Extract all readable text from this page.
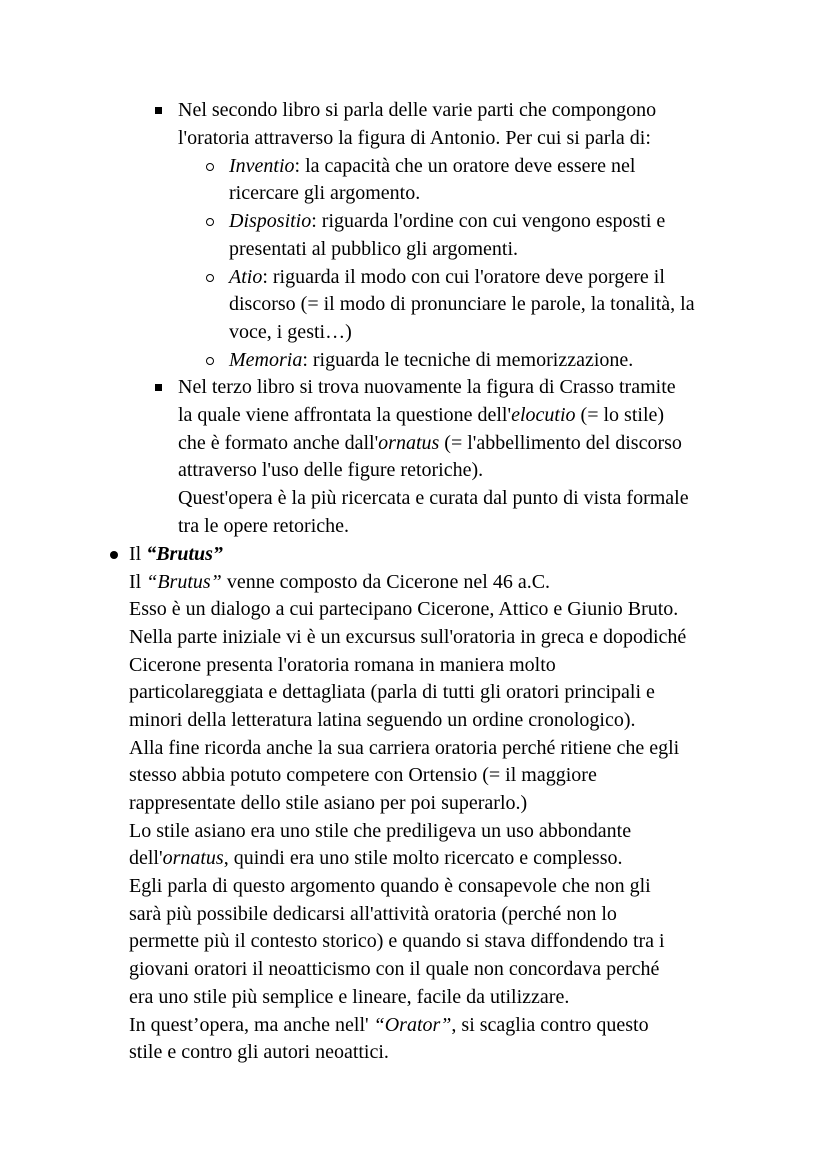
Nel secondo libro si parla delle varie parti che compongono
l'oratoria attraverso la figura di Antonio. Per cui si parla di:
Inventio: la capacità che un oratore deve essere nel
ricercare gli argomento.
Dispositio: riguarda l'ordine con cui vengono esposti e
presentati al pubblico gli argomenti.
Atio: riguarda il modo con cui l'oratore deve porgere il
discorso (= il modo di pronunciare le parole, la tonalità, la
voce, i gesti…)
Memoria: riguarda le tecniche di memorizzazione.
Nel terzo libro si trova nuovamente la figura di Crasso tramite
la quale viene affrontata la questione dell'elocutio (= lo stile)
che è formato anche dall'ornatus (= l'abbellimento del discorso
attraverso l'uso delle figure retoriche).
Quest'opera è la più ricercata e curata dal punto di vista formale
tra le opere retoriche.
Il “Brutus”
Il “Brutus” venne composto da Cicerone nel 46 a.C.
Esso è un dialogo a cui partecipano Cicerone, Attico e Giunio Bruto.
Nella parte iniziale vi è un excursus sull'oratoria in greca e dopodiché
Cicerone presenta l'oratoria romana in maniera molto
particolareggiata e dettagliata (parla di tutti gli oratori principali e
minori della letteratura latina seguendo un ordine cronologico).
Alla fine ricorda anche la sua carriera oratoria perché ritiene che egli
stesso abbia potuto competere con Ortensio (= il maggiore
rappresentate dello stile asiano per poi superarlo.)
Lo stile asiano era uno stile che prediligeva un uso abbondante
dell'ornatus, quindi era uno stile molto ricercato e complesso.
Egli parla di questo argomento quando è consapevole che non gli
sarà più possibile dedicarsi all'attività oratoria (perché non lo
permette più il contesto storico) e quando si stava diffondendo tra i
giovani oratori il neoatticismo con il quale non concordava perché
era uno stile più semplice e lineare, facile da utilizzare.
In quest’opera, ma anche nell' “Orator”, si scaglia contro questo
stile e contro gli autori neoattici.
